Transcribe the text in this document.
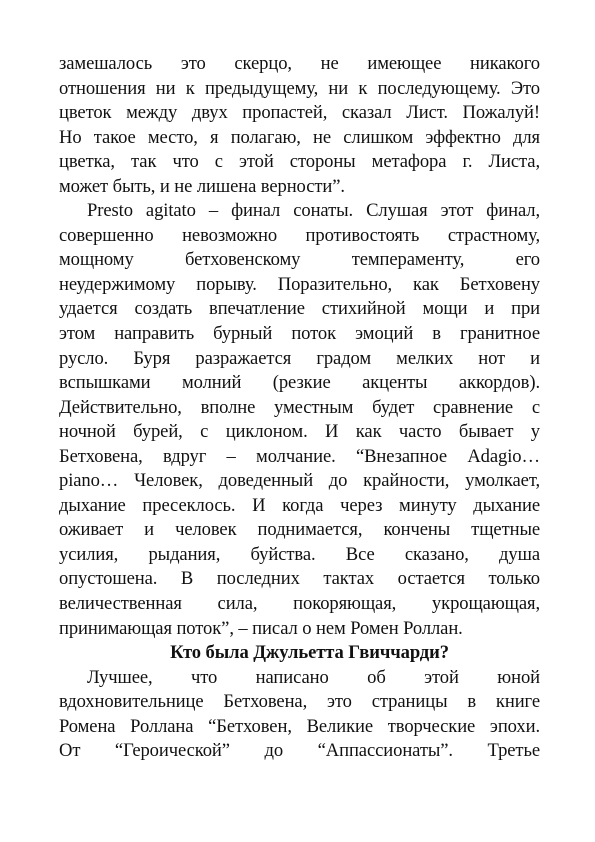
замешалось это скерцо, не имеющее никакого
отношения ни к предыдущему, ни к последующему. Это
цветок между двух пропастей, сказал Лист. Пожалуй!
Но такое место, я полагаю, не слишком эффектно для
цветка, так что с этой стороны метафора г. Листа,
может быть, и не лишена верности”.
Presto agitato – финал сонаты. Слушая этот финал,
совершенно невозможно противостоять страстному,
мощному бетховенскому темпераменту, его
неудержимому порыву. Поразительно, как Бетховену
удается создать впечатление стихийной мощи и при
этом направить бурный поток эмоций в гранитное
русло. Буря разражается градом мелких нот и
вспышками молний (резкие акценты аккордов).
Действительно, вполне уместным будет сравнение с
ночной бурей, с циклоном. И как часто бывает у
Бетховена, вдруг – молчание. “Внезапное Adagio…
piano… Человек, доведенный до крайности, умолкает,
дыхание пресеклось. И когда через минуту дыхание
оживает и человек поднимается, кончены тщетные
усилия, рыдания, буйства. Все сказано, душа
опустошена. В последних тактах остается только
величественная сила, покоряющая, укрощающая,
принимающая поток”, – писал о нем Ромен Роллан.
Кто была Джульетта Гвиччарди?
Лучшее, что написано об этой юной
вдохновительнице Бетховена, это страницы в книге
Ромена Роллана “Бетховен, Великие творческие эпохи.
От “Героической” до “Аппассионаты”. Третье
